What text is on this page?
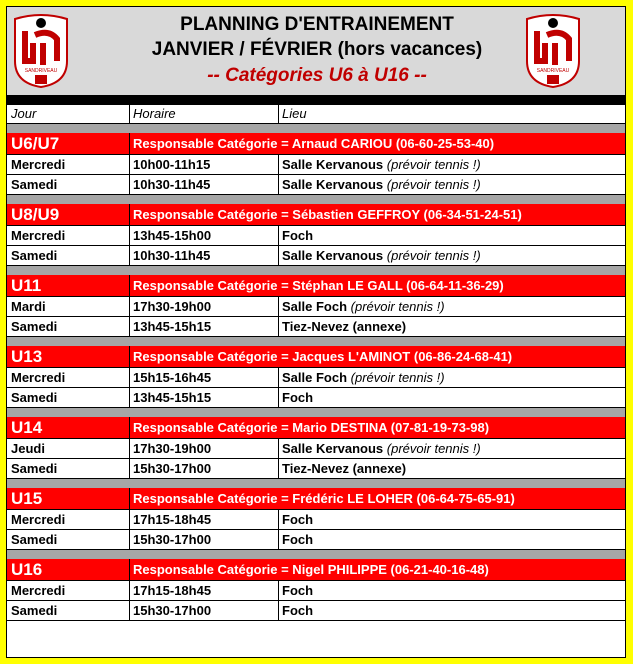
SANDRIVEAU
PLANNING D'ENTRAINEMENT
JANVIER / FÉVRIER (hors vacances)
-- Catégories U6 à U16 --	SANDRIVEAU
Jour	Horaire	Lieu
U6/U7	Responsable Catégorie = Arnaud CARIOU (06-60-25-53-40)
Mercredi	10h00-11h15	Salle Kervanous (prévoir tennis !)
Samedi	10h30-11h45	Salle Kervanous (prévoir tennis !)
U8/U9	Responsable Catégorie = Sébastien GEFFROY (06-34-51-24-51)
Mercredi	13h45-15h00	Foch
Samedi	10h30-11h45	Salle Kervanous (prévoir tennis !)
U11	Responsable Catégorie = Stéphan LE GALL (06-64-11-36-29)
Mardi	17h30-19h00	Salle Foch (prévoir tennis !)
Samedi	13h45-15h15	Tiez-Nevez (annexe)
U13	Responsable Catégorie = Jacques L'AMINOT (06-86-24-68-41)
Mercredi	15h15-16h45	Salle Foch (prévoir tennis !)
Samedi	13h45-15h15	Foch
U14	Responsable Catégorie = Mario DESTINA (07-81-19-73-98)
Jeudi	17h30-19h00	Salle Kervanous (prévoir tennis !)
Samedi	15h30-17h00	Tiez-Nevez (annexe)
U15	Responsable Catégorie = Frédéric LE LOHER (06-64-75-65-91)
Mercredi	17h15-18h45	Foch
Samedi	15h30-17h00	Foch
U16	Responsable Catégorie = Nigel PHILIPPE (06-21-40-16-48)
Mercredi	17h15-18h45	Foch
Samedi	15h30-17h00	Foch
